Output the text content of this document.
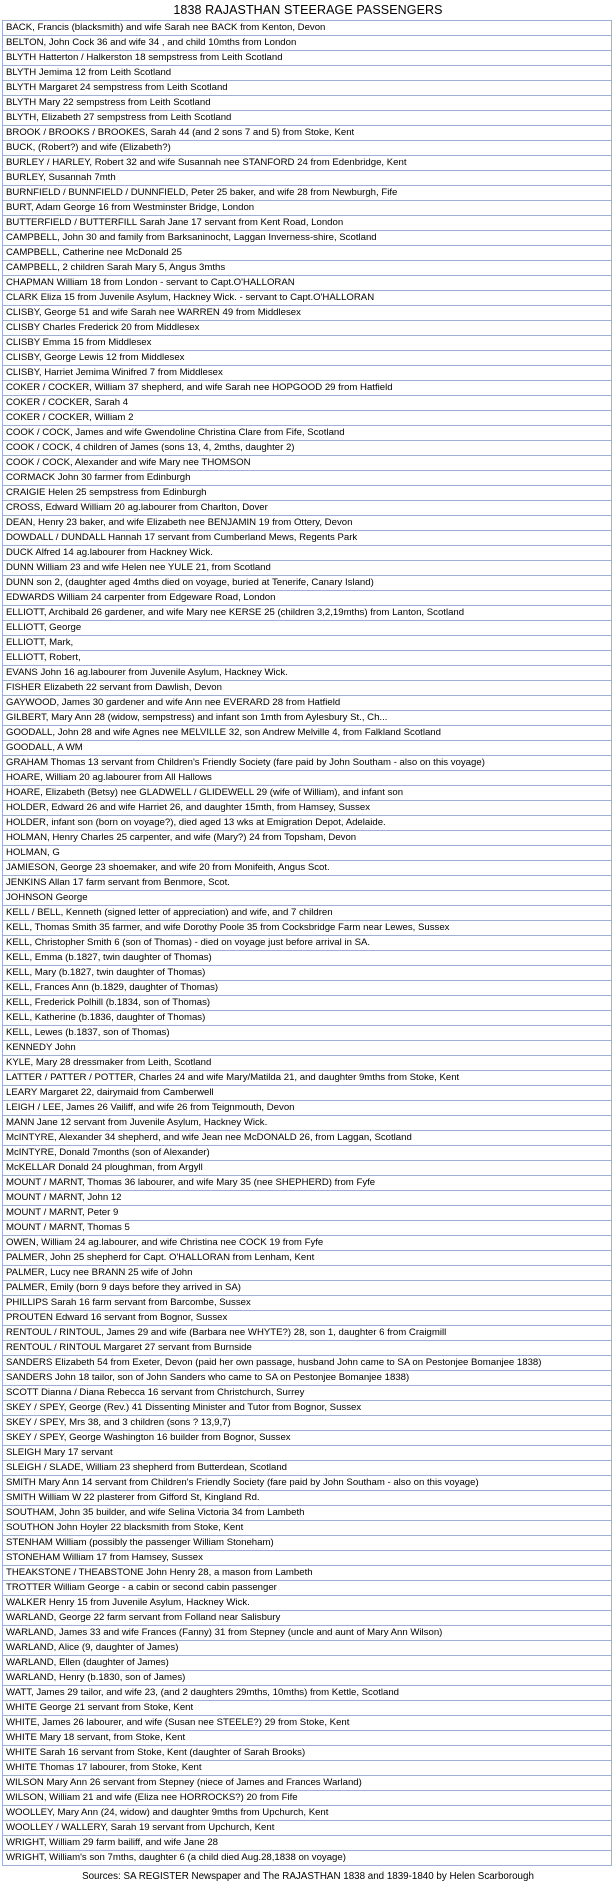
1838 RAJASTHAN STEERAGE PASSENGERS
BACK, Francis (blacksmith) and wife Sarah nee BACK from Kenton, Devon
BELTON, John Cock 36 and wife 34 , and child 10mths from London
BLYTH Hatterton / Halkerston 18 sempstress from Leith Scotland
BLYTH Jemima 12 from Leith Scotland
BLYTH Margaret 24 sempstress from Leith Scotland
BLYTH Mary 22 sempstress from Leith Scotland
BLYTH, Elizabeth 27 sempstress from Leith Scotland
BROOK / BROOKS / BROOKES, Sarah 44 (and 2 sons 7 and 5) from Stoke, Kent
BUCK, (Robert?) and wife (Elizabeth?)
BURLEY / HARLEY, Robert 32 and wife Susannah nee STANFORD 24 from Edenbridge, Kent
BURLEY, Susannah 7mth
BURNFIELD / BUNNFIELD / DUNNFIELD, Peter 25 baker, and wife 28 from Newburgh, Fife
BURT, Adam George 16 from Westminster Bridge, London
BUTTERFIELD / BUTTERFILL Sarah Jane 17 servant from Kent Road, London
CAMPBELL, John 30 and family from Barksaninocht, Laggan Inverness-shire, Scotland
CAMPBELL, Catherine nee McDonald 25
CAMPBELL, 2 children Sarah Mary 5, Angus 3mths
CHAPMAN William 18 from London - servant to Capt.O'HALLORAN
CLARK Eliza 15 from Juvenile Asylum, Hackney Wick. - servant to Capt.O'HALLORAN
CLISBY, George 51 and wife Sarah nee WARREN 49 from Middlesex
CLISBY Charles Frederick 20 from Middlesex
CLISBY Emma 15 from Middlesex
CLISBY, George Lewis 12 from Middlesex
CLISBY, Harriet Jemima Winifred 7 from Middlesex
COKER / COCKER, William 37 shepherd, and wife Sarah nee HOPGOOD 29 from Hatfield
COKER / COCKER, Sarah 4
COKER / COCKER, William 2
COOK / COCK, James and wife Gwendoline Christina Clare from Fife, Scotland
COOK / COCK, 4 children of James (sons 13, 4, 2mths, daughter 2)
COOK / COCK, Alexander and wife Mary nee THOMSON
CORMACK John 30 farmer from Edinburgh
CRAIGIE Helen 25 sempstress from Edinburgh
CROSS, Edward William 20 ag.labourer from Charlton, Dover
DEAN, Henry 23 baker, and wife Elizabeth nee BENJAMIN 19 from Ottery, Devon
DOWDALL / DUNDALL Hannah 17 servant from Cumberland Mews, Regents Park
DUCK Alfred 14 ag.labourer from Hackney Wick.
DUNN William 23 and wife Helen nee YULE 21, from Scotland
DUNN son 2, (daughter aged 4mths died on voyage, buried at Tenerife, Canary Island)
EDWARDS William 24 carpenter from Edgeware Road, London
ELLIOTT, Archibald 26 gardener, and wife Mary nee KERSE 25 (children 3,2,19mths) from Lanton, Scotland
ELLIOTT, George
ELLIOTT, Mark,
ELLIOTT, Robert,
EVANS John 16 ag.labourer from Juvenile Asylum, Hackney Wick.
FISHER Elizabeth 22 servant from Dawlish, Devon
GAYWOOD, James 30 gardener and wife Ann nee EVERARD 28 from Hatfield
GILBERT, Mary Ann 28 (widow, sempstress) and infant son 1mth from Aylesbury St., Ch...
GOODALL, John 28 and wife Agnes nee MELVILLE 32, son Andrew Melville 4, from Falkland Scotland
GOODALL, A WM
GRAHAM Thomas 13 servant from Children's Friendly Society (fare paid by John Southam - also on this voyage)
HOARE, William 20 ag.labourer from All Hallows
HOARE, Elizabeth (Betsy) nee GLADWELL / GLIDEWELL 29 (wife of William), and infant son
HOLDER, Edward 26 and wife Harriet 26, and daughter 15mth, from Hamsey, Sussex
HOLDER, infant son (born on voyage?), died aged 13 wks at Emigration Depot, Adelaide.
HOLMAN, Henry Charles 25 carpenter, and wife (Mary?) 24 from Topsham, Devon
HOLMAN, G
JAMIESON, George 23 shoemaker, and wife 20 from Monifeith, Angus Scot.
JENKINS Allan 17 farm servant from Benmore, Scot.
JOHNSON George
KELL / BELL, Kenneth (signed letter of appreciation) and wife, and 7 children
KELL, Thomas Smith 35 farmer, and wife Dorothy Poole 35 from Cocksbridge Farm near Lewes, Sussex
KELL, Christopher Smith 6 (son of Thomas) - died on voyage just before arrival in SA.
KELL, Emma (b.1827, twin daughter of Thomas)
KELL, Mary (b.1827, twin daughter of Thomas)
KELL, Frances Ann (b.1829, daughter of Thomas)
KELL, Frederick Polhill (b.1834, son of Thomas)
KELL, Katherine (b.1836, daughter of Thomas)
KELL, Lewes (b.1837, son of Thomas)
KENNEDY John
KYLE, Mary 28 dressmaker from Leith, Scotland
LATTER / PATTER / POTTER, Charles 24 and wife Mary/Matilda 21, and daughter 9mths from Stoke, Kent
LEARY Margaret 22, dairymaid from Camberwell
LEIGH / LEE, James 26 Vailiff, and wife 26 from Teignmouth, Devon
MANN Jane 12 servant from Juvenile Asylum, Hackney Wick.
McINTYRE, Alexander 34 shepherd, and wife Jean nee McDONALD 26, from Laggan, Scotland
McINTYRE, Donald 7months (son of Alexander)
McKELLAR Donald 24 ploughman, from Argyll
MOUNT / MARNT, Thomas 36 labourer, and wife Mary 35 (nee SHEPHERD) from Fyfe
MOUNT / MARNT, John 12
MOUNT / MARNT, Peter 9
MOUNT / MARNT, Thomas 5
OWEN, William 24 ag.labourer, and wife Christina nee COCK 19 from Fyfe
PALMER, John 25 shepherd for Capt. O'HALLORAN from Lenham, Kent
PALMER, Lucy nee BRANN 25 wife of John
PALMER, Emily (born 9 days before they arrived in SA)
PHILLIPS Sarah 16 farm servant from Barcombe, Sussex
PROUTEN Edward 16 servant from Bognor, Sussex
RENTOUL / RINTOUL, James 29 and wife (Barbara nee WHYTE?) 28, son 1, daughter 6 from Craigmill
RENTOUL / RINTOUL Margaret 27 servant from Burnside
SANDERS Elizabeth 54 from Exeter, Devon (paid her own passage, husband John came to SA on Pestonjee Bomanjee 1838)
SANDERS John 18 tailor, son of John Sanders who came to SA on Pestonjee Bomanjee 1838)
SCOTT Dianna / Diana Rebecca 16 servant from Christchurch, Surrey
SKEY / SPEY, George (Rev.) 41 Dissenting Minister and Tutor from Bognor, Sussex
SKEY / SPEY, Mrs 38, and 3 children (sons ? 13,9,7)
SKEY / SPEY, George Washington 16 builder from Bognor, Sussex
SLEIGH Mary 17 servant
SLEIGH / SLADE, William 23 shepherd from Butterdean, Scotland
SMITH Mary Ann 14 servant from Children's Friendly Society (fare paid by John Southam - also on this voyage)
SMITH William W 22 plasterer from Gifford St, Kingland Rd.
SOUTHAM, John 35 builder, and wife Selina Victoria 34 from Lambeth
SOUTHON John Hoyler 22 blacksmith from Stoke, Kent
STENHAM William (possibly the passenger William Stoneham)
STONEHAM William 17 from Hamsey, Sussex
THEAKSTONE / THEABSTONE John Henry 28, a mason from Lambeth
TROTTER William George - a cabin or second cabin passenger
WALKER Henry 15 from Juvenile Asylum, Hackney Wick.
WARLAND, George 22 farm servant from Folland near Salisbury
WARLAND, James 33 and wife Frances (Fanny) 31 from Stepney (uncle and aunt of Mary Ann Wilson)
WARLAND, Alice (9, daughter of James)
WARLAND, Ellen (daughter of James)
WARLAND, Henry (b.1830, son of James)
WATT, James 29 tailor, and wife 23, (and 2 daughters 29mths, 10mths) from Kettle, Scotland
WHITE George 21 servant from Stoke, Kent
WHITE, James 26 labourer, and wife (Susan nee STEELE?) 29 from Stoke, Kent
WHITE Mary 18 servant, from Stoke, Kent
WHITE Sarah 16 servant from Stoke, Kent (daughter of Sarah Brooks)
WHITE Thomas 17 labourer, from Stoke, Kent
WILSON Mary Ann 26 servant from Stepney (niece of James and Frances Warland)
WILSON, William 21 and wife (Eliza nee HORROCKS?) 20 from Fife
WOOLLEY, Mary Ann (24, widow) and daughter 9mths from Upchurch, Kent
WOOLLEY / WALLERY, Sarah 19 servant from Upchurch, Kent
WRIGHT, William 29 farm bailiff, and wife Jane 28
WRIGHT, William's son 7mths, daughter 6 (a child died Aug.28,1838 on voyage)
Sources: SA REGISTER Newspaper and The RAJASTHAN 1838 and 1839-1840 by Helen Scarborough
